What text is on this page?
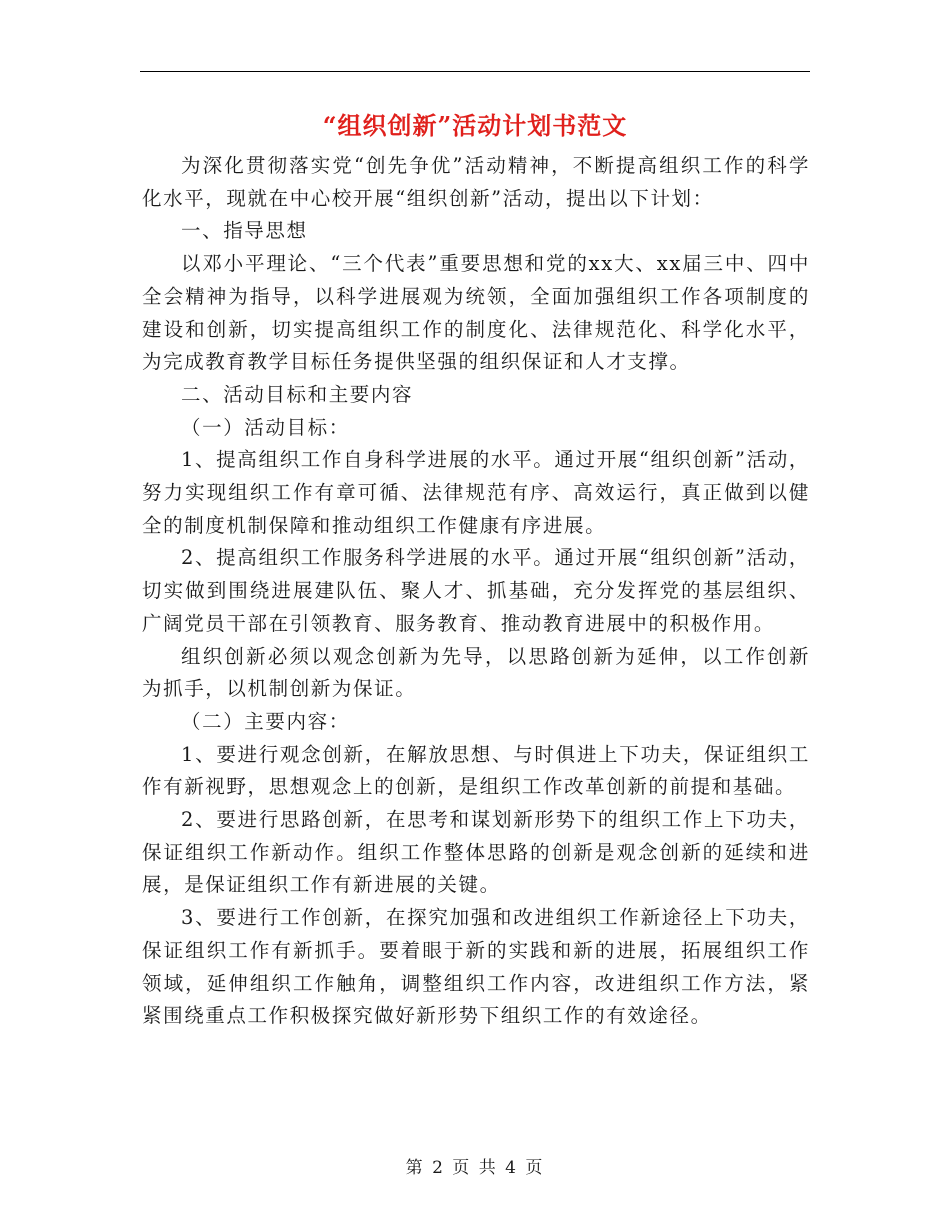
“组织创新”活动计划书范文

为深化贯彻落实党“创先争优”活动精神，不断提高组织工作的科学化水平，现就在中心校开展“组织创新”活动，提出以下计划：

一、指导思想

以邓小平理论、“三个代表”重要思想和党的xx大、xx届三中、四中全会精神为指导，以科学进展观为统领，全面加强组织工作各项制度的建设和创新，切实提高组织工作的制度化、法律规范化、科学化水平，为完成教育教学目标任务提供坚强的组织保证和人才支撑。

二、活动目标和主要内容

（一）活动目标：

1、提高组织工作自身科学进展的水平。通过开展“组织创新”活动，努力实现组织工作有章可循、法律规范有序、高效运行，真正做到以健全的制度机制保障和推动组织工作健康有序进展。

2、提高组织工作服务科学进展的水平。通过开展“组织创新”活动，切实做到围绕进展建队伍、聚人才、抓基础，充分发挥党的基层组织、广阔党员干部在引领教育、服务教育、推动教育进展中的积极作用。

组织创新必须以观念创新为先导，以思路创新为延伸，以工作创新为抓手，以机制创新为保证。

（二）主要内容：

1、要进行观念创新，在解放思想、与时俱进上下功夫，保证组织工作有新视野，思想观念上的创新，是组织工作改革创新的前提和基础。

2、要进行思路创新，在思考和谋划新形势下的组织工作上下功夫，保证组织工作新动作。组织工作整体思路的创新是观念创新的延续和进展，是保证组织工作有新进展的关键。

3、要进行工作创新，在探究加强和改进组织工作新途径上下功夫，保证组织工作有新抓手。要着眼于新的实践和新的进展，拓展组织工作领域，延伸组织工作触角，调整组织工作内容，改进组织工作方法，紧紧围绕重点工作积极探究做好新形势下组织工作的有效途径。

第 2 页 共 4 页
